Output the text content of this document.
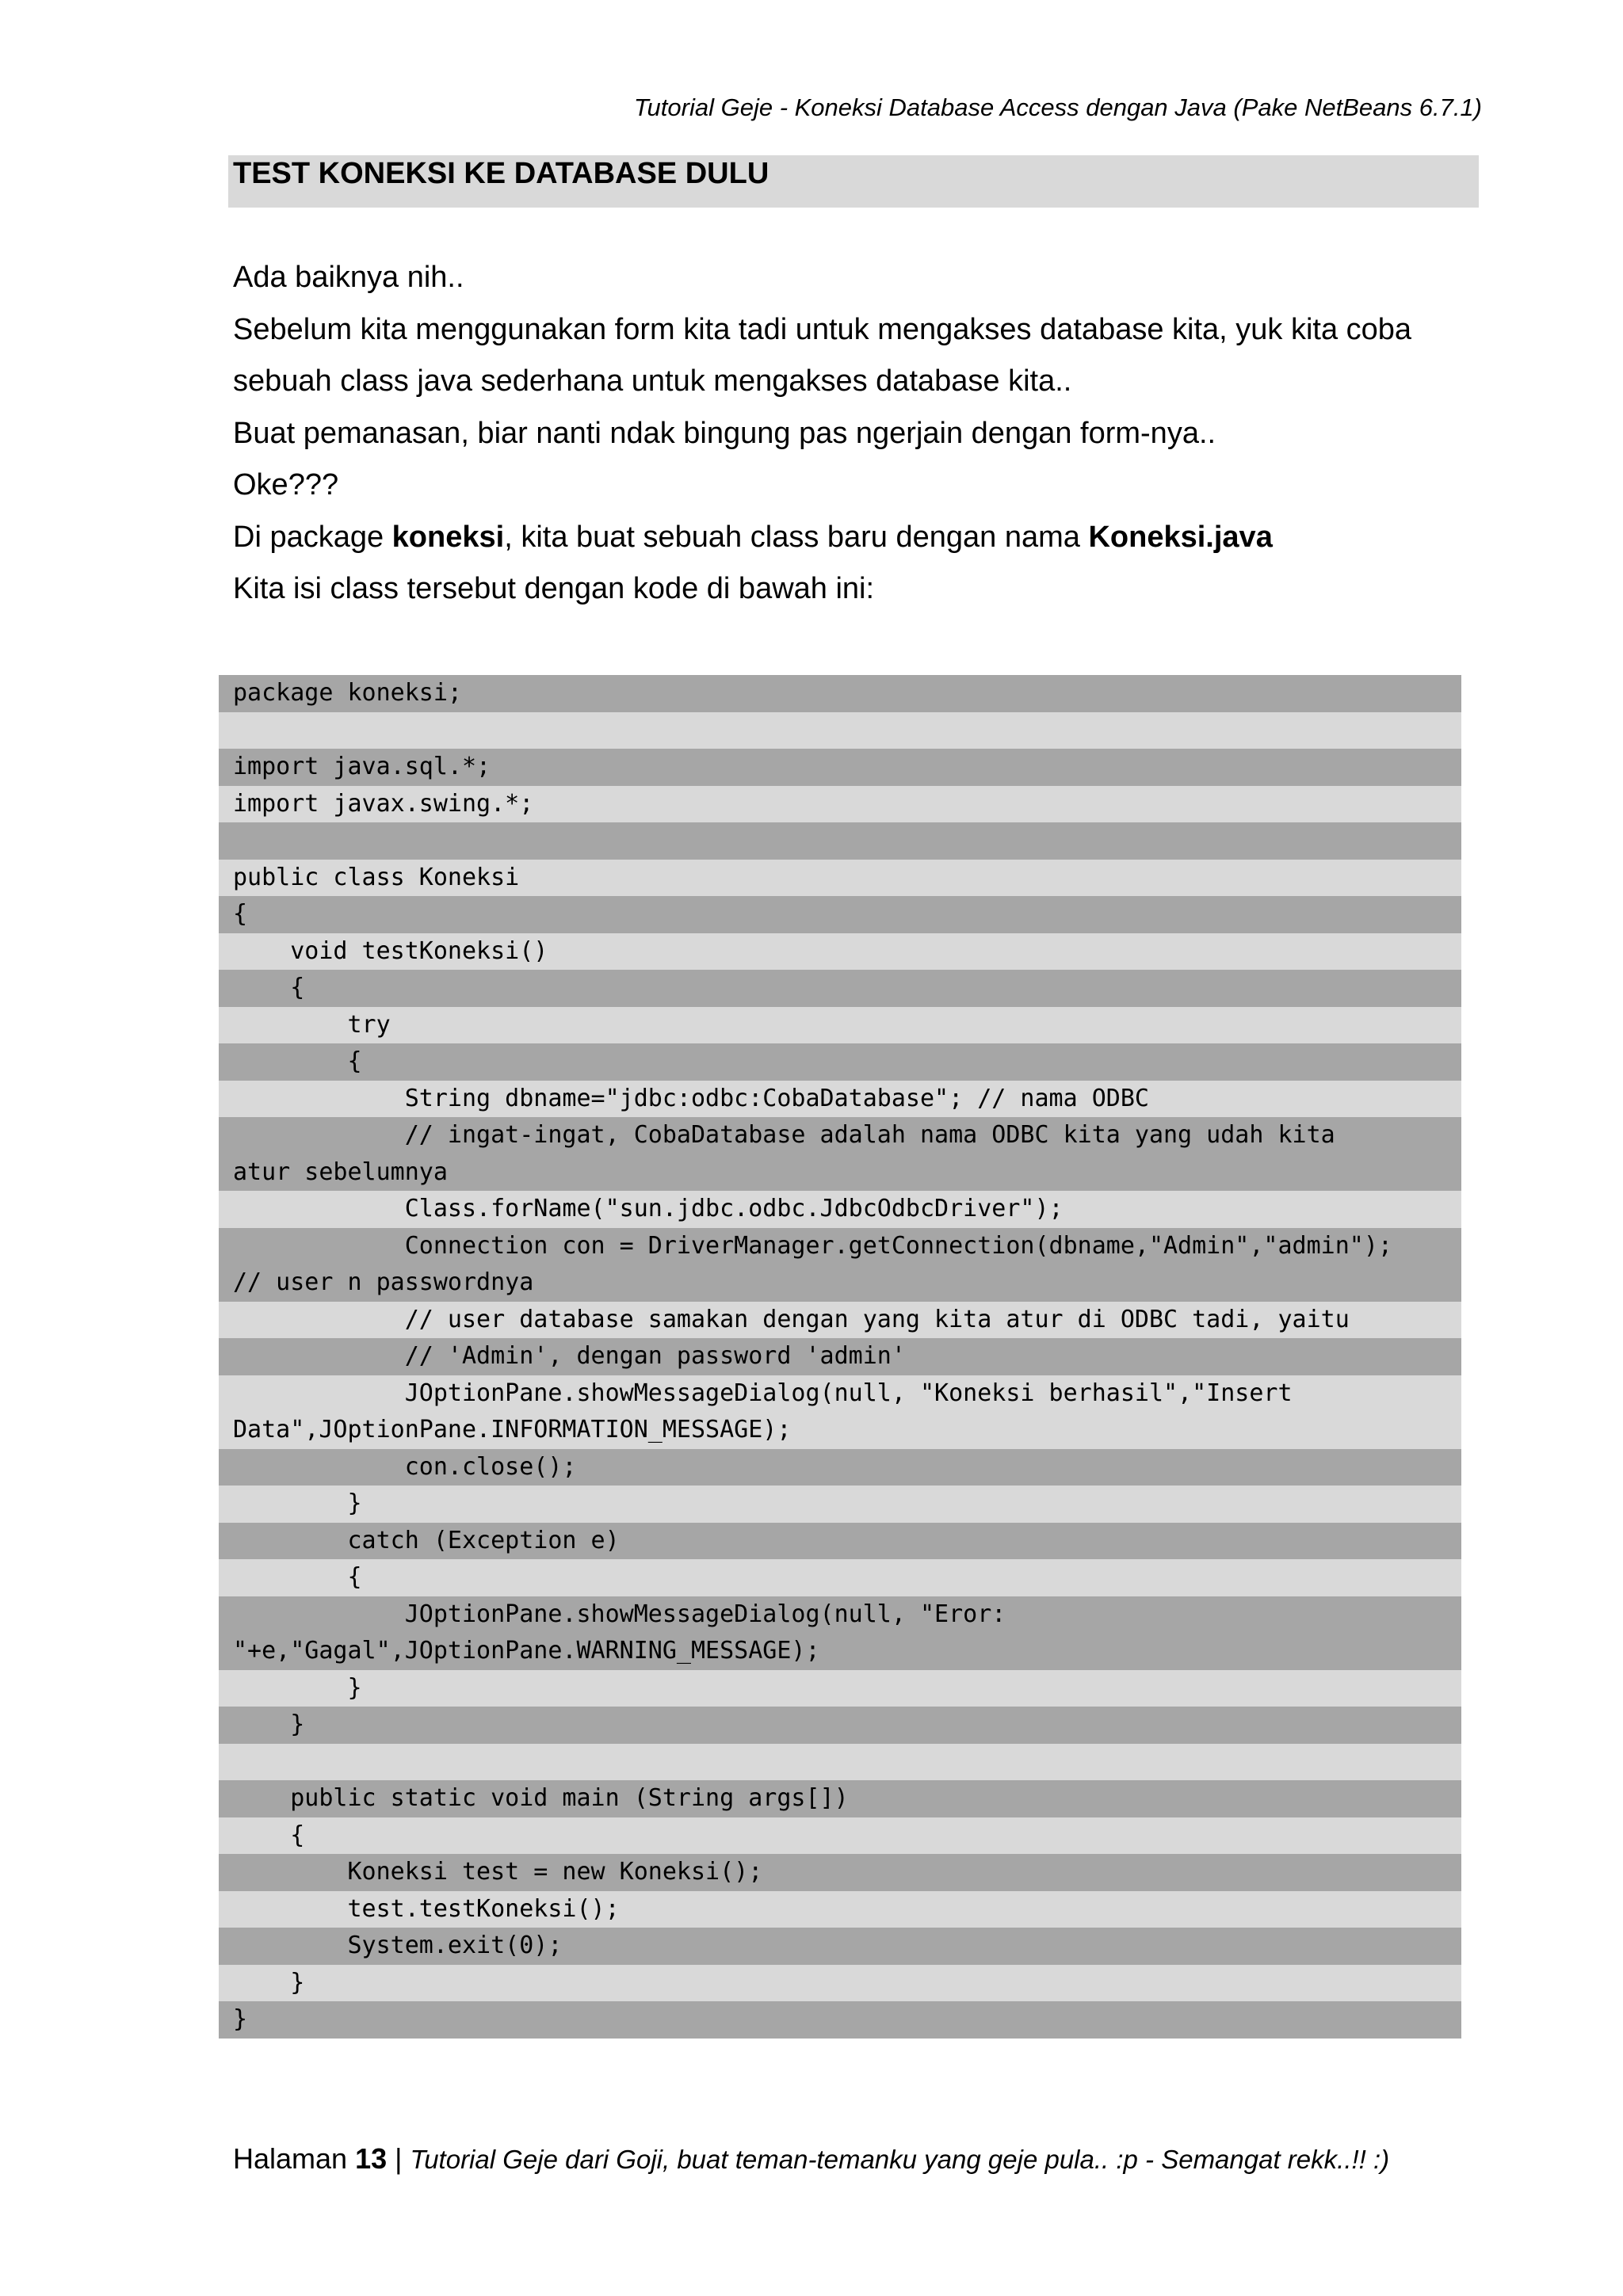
Tutorial Geje - Koneksi Database Access dengan Java (Pake NetBeans 6.7.1)
TEST KONEKSI KE DATABASE DULU

Ada baiknya nih..

Sebelum kita menggunakan form kita tadi untuk mengakses database kita, yuk kita coba

sebuah class java sederhana untuk mengakses database kita..

Buat pemanasan, biar nanti ndak bingung pas ngerjain dengan form-nya..

Oke???

Di package koneksi, kita buat sebuah class baru dengan nama Koneksi.java

Kita isi class tersebut dengan kode di bawah ini:

package koneksi;
import java.sql.*;
import javax.swing.*;
public class Koneksi
{
void testKoneksi()
{
try
{
String dbname="jdbc:odbc:CobaDatabase"; // nama ODBC
// ingat-ingat, CobaDatabase adalah nama ODBC kita yang udah kita
atur sebelumnya
Class.forName("sun.jdbc.odbc.JdbcOdbcDriver");
Connection con = DriverManager.getConnection(dbname,"Admin","admin");
// user n passwordnya
// user database samakan dengan yang kita atur di ODBC tadi, yaitu
// 'Admin', dengan password 'admin'
JOptionPane.showMessageDialog(null, "Koneksi berhasil","Insert
Data",JOptionPane.INFORMATION_MESSAGE);
con.close();
}
catch (Exception e)
{
JOptionPane.showMessageDialog(null, "Eror:
"+e,"Gagal",JOptionPane.WARNING_MESSAGE);
}
}
public static void main (String args[])
{
Koneksi test = new Koneksi();
test.testKoneksi();
System.exit(0);
}
}
Halaman 13 | Tutorial Geje dari Goji, buat teman-temanku yang geje pula.. :p - Semangat rekk..!! :)
